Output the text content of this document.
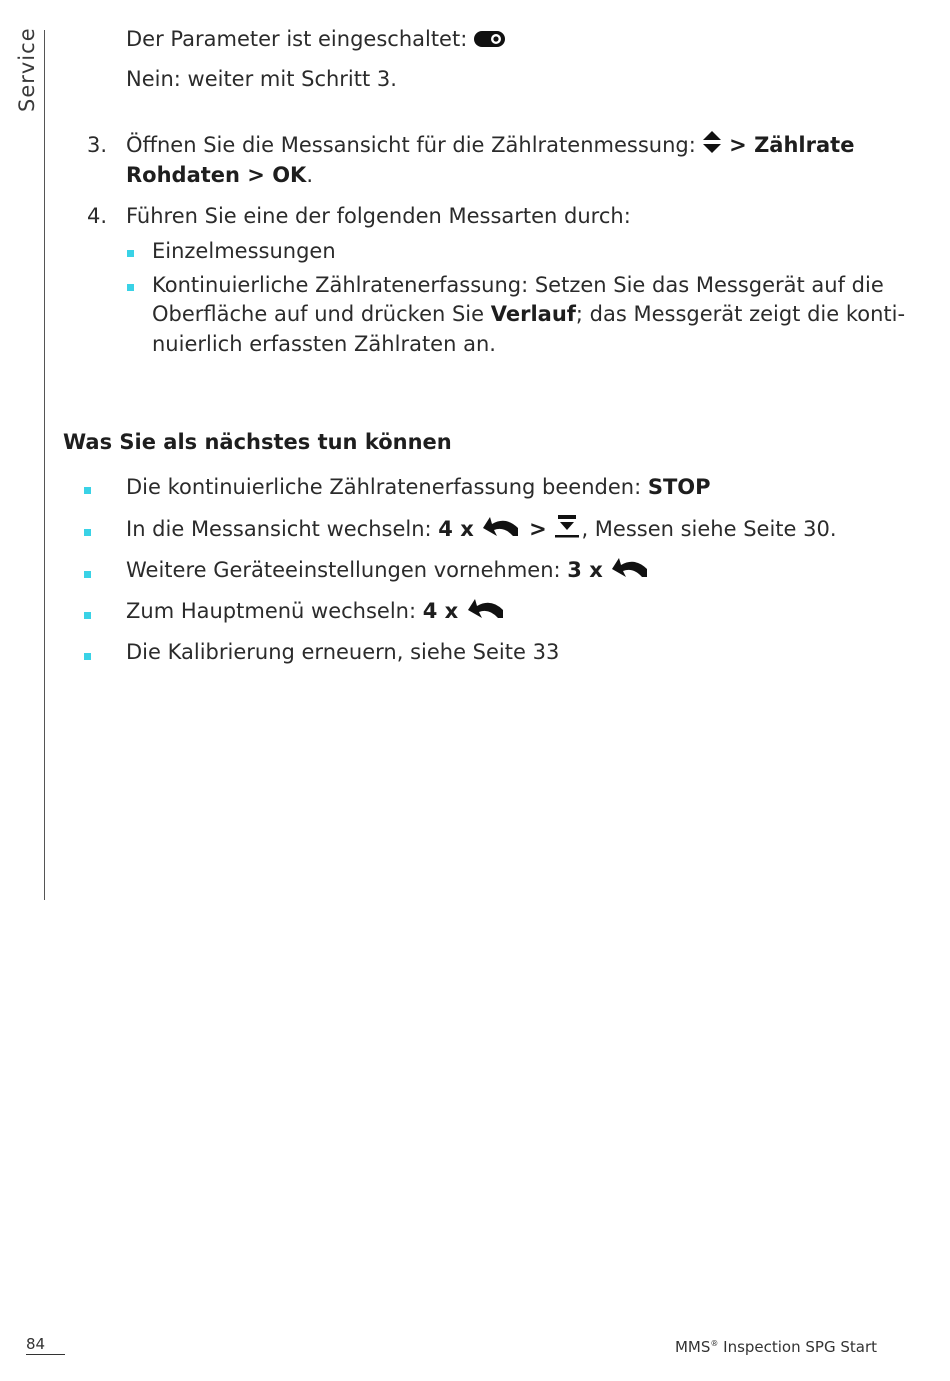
Service	Der Parameter ist eingeschaltet:
Nein: weiter mit Schritt 3.
3. Öffnen Sie die Messansicht für die Zählratenmessung: > Zählrate
Rohdaten > OK.
4. Führen Sie eine der folgenden Messarten durch:
Einzelmessungen
Kontinuierliche Zählratenerfassung: Setzen Sie das Messgerät auf die
Oberfläche auf und drücken Sie Verlauf; das Messgerät zeigt die konti-
nuierlich erfassten Zählraten an.
Was Sie als nächstes tun können
Die kontinuierliche Zählratenerfassung beenden: STOP
In die Messansicht wechseln: 4 x	> , Messen siehe Seite 30.
Weitere Geräteeinstellungen vornehmen: 3 x
Zum Hauptmenü wechseln: 4 x
Die Kalibrierung erneuern, siehe Seite 33
84	MMS® Inspection SPG Start
